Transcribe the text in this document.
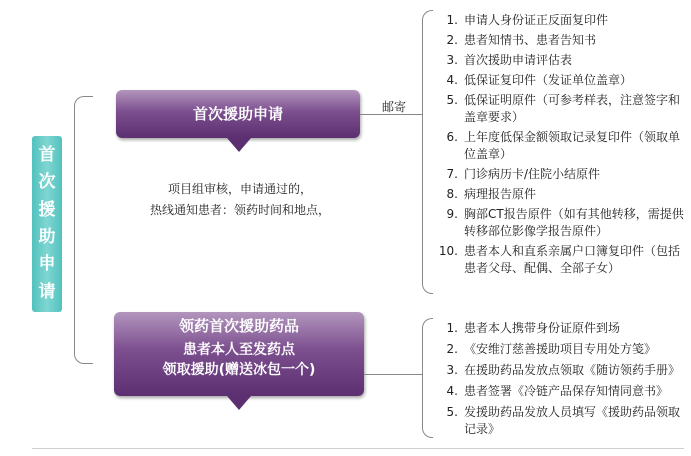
首
次
援
助
申
请
首次援助申请
项目组审核，申请通过的，
热线通知患者：领药时间和地点，
邮寄
1. 申请人身份证正反面复印件
2. 患者知情书、患者告知书
3. 首次援助申请评估表
4. 低保证复印件（发证单位盖章）
5. 低保证明原件（可参考样表，注意签字和盖章要求）
6. 上年度低保金额领取记录复印件（领取单位盖章）
7. 门诊病历卡/住院小结原件
8. 病理报告原件
9. 胸部CT报告原件（如有其他转移，需提供转移部位影像学报告原件）
10. 患者本人和直系亲属户口簿复印件（包括患者父母、配偶、全部子女）
领药首次援助药品
患者本人至发药点
领取援助(赠送冰包一个)
1. 患者本人携带身份证原件到场
2. 《安维汀慈善援助项目专用处方笺》
3. 在援助药品发放点领取《随访领药手册》
4. 患者签署《冷链产品保存知情同意书》
5. 发援助药品发放人员填写《援助药品领取记录》
